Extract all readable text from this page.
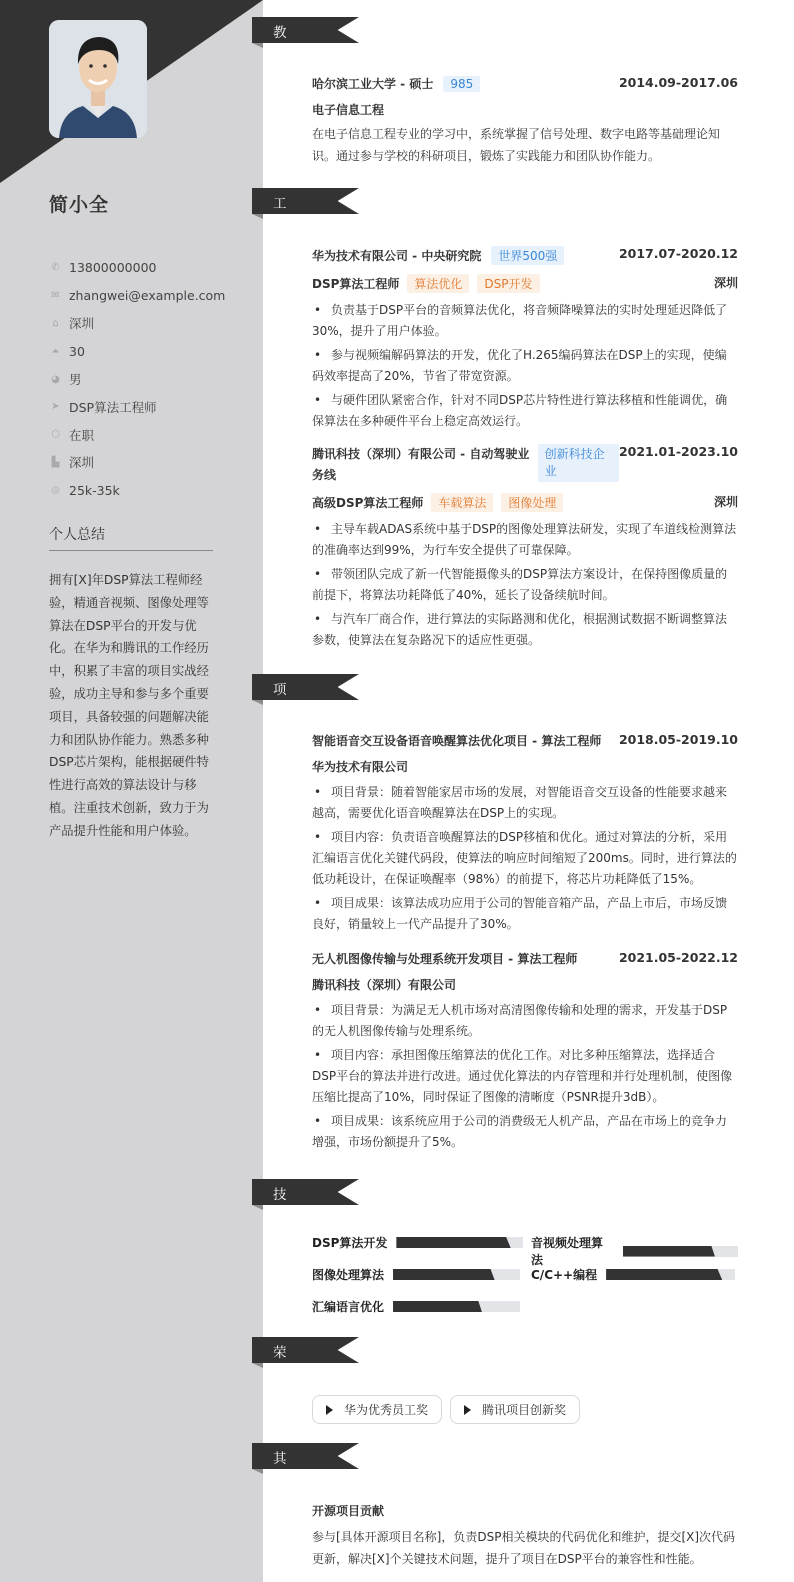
简小全
✆ 13800000000
✉ zhangwei@example.com
⌂ 深圳
⏶ 30
◕ 男
➤ DSP算法工程师
⬡ 在职
▙ 深圳
◎ 25k-35k
个人总结
拥有[X]年DSP算法工程师经验，精通音视频、图像处理等算法在DSP平台的开发与优化。在华为和腾讯的工作经历中，积累了丰富的项目实战经验，成功主导和参与多个重要项目，具备较强的问题解决能力和团队协作能力。熟悉多种DSP芯片架构，能根据硬件特性进行高效的算法设计与移植。注重技术创新，致力于为产品提升性能和用户体验。
教育经历
哈尔滨工业大学 - 硕士 985	2014.09-2017.06
电子信息工程
在电子信息工程专业的学习中，系统掌握了信号处理、数字电路等基础理论知识。通过参与学校的科研项目，锻炼了实践能力和团队协作能力。
工作经历 华为技术有限公司 - 中央研究院 世界500强	2017.07-2020.12
DSP算法工程师 算法优化 DSP开发	深圳
• 负责基于DSP平台的音频算法优化，将音频降噪算法的实时处理延迟降低了30%，提升了用户体验。
• 参与视频编解码算法的开发，优化了H.265编码算法在DSP上的实现，使编码效率提高了20%，节省了带宽资源。
• 与硬件团队紧密合作，针对不同DSP芯片特性进行算法移植和性能调优，确保算法在多种硬件平台上稳定高效运行。
腾讯科技（深圳）有限公司 - 自动驾驶业务线
创新科技企业
2021.01-2023.10
高级DSP算法工程师 车载算法 图像处理	深圳
• 主导车载ADAS系统中基于DSP的图像处理算法研发，实现了车道线检测算法的准确率达到99%，为行车安全提供了可靠保障。
• 带领团队完成了新一代智能摄像头的DSP算法方案设计，在保持图像质量的前提下，将算法功耗降低了40%，延长了设备续航时间。
• 与汽车厂商合作，进行算法的实际路测和优化，根据测试数据不断调整算法参数，使算法在复杂路况下的适应性更强。
项目经历
智能语音交互设备语音唤醒算法优化项目 - 算法工程师 2018.05-2019.10
华为技术有限公司
• 项目背景：随着智能家居市场的发展，对智能语音交互设备的性能要求越来越高，需要优化语音唤醒算法在DSP上的实现。
• 项目内容：负责语音唤醒算法的DSP移植和优化。通过对算法的分析，采用汇编语言优化关键代码段，使算法的响应时间缩短了200ms。同时，进行算法的低功耗设计，在保证唤醒率（98%）的前提下，将芯片功耗降低了15%。
• 项目成果：该算法成功应用于公司的智能音箱产品，产品上市后，市场反馈良好，销量较上一代产品提升了30%。
无人机图像传输与处理系统开发项目 - 算法工程师	2021.05-2022.12
腾讯科技（深圳）有限公司
• 项目背景：为满足无人机市场对高清图像传输和处理的需求，开发基于DSP的无人机图像传输与处理系统。
• 项目内容：承担图像压缩算法的优化工作。对比多种压缩算法，选择适合DSP平台的算法并进行改进。通过优化算法的内存管理和并行处理机制，使图像压缩比提高了10%，同时保证了图像的清晰度（PSNR提升3dB）。
• 项目成果：该系统应用于公司的消费级无人机产品，产品在市场上的竞争力增强，市场份额提升了5%。
技能专长
DSP算法开发	音视频处理算法
图像处理算法	C/C++编程
汇编语言优化
荣誉奖项	华为优秀员工奖	腾讯项目创新奖
其他信息 开源项目贡献
参与[具体开源项目名称]，负责DSP相关模块的代码优化和维护，提交[X]次代码更新，解决[X]个关键技术问题，提升了项目在DSP平台的兼容性和性能。
